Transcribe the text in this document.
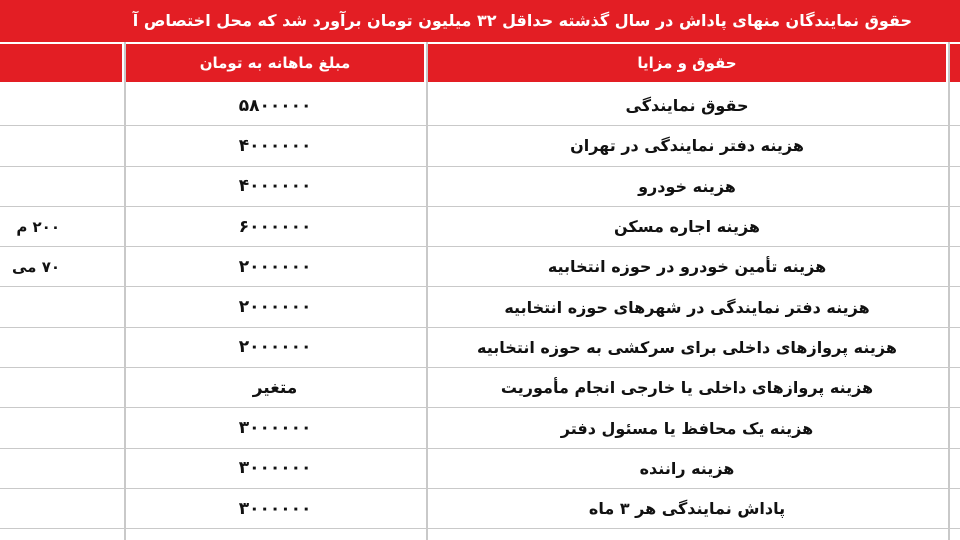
حقوق نمایندگان منهای پاداش در سال گذشته حداقل ۳۲ میلیون تومان برآورد شد که محل اختصاص آ
مبلغ ماهانه به تومان	حقوق و مزایا
حقوق نمایندگی
۵۸۰۰۰۰۰
هزینه دفتر نمایندگی در تهران
۴۰۰۰۰۰۰
هزینه خودرو
۴۰۰۰۰۰۰
هزینه اجاره مسکن
۶۰۰۰۰۰۰
۲۰۰ م
هزینه تأمین خودرو در حوزه انتخابیه
۲۰۰۰۰۰۰
۷۰ می
هزینه دفتر نمایندگی در شهرهای حوزه انتخابیه
۲۰۰۰۰۰۰
هزینه پروازهای داخلی برای سرکشی به حوزه انتخابیه
۲۰۰۰۰۰۰
هزینه پروازهای داخلی یا خارجی انجام مأموریت
متغیر
هزینه یک محافظ یا مسئول دفتر
۳۰۰۰۰۰۰
هزینه راننده
۳۰۰۰۰۰۰
پاداش نمایندگی هر ۳ ماه
۳۰۰۰۰۰۰
